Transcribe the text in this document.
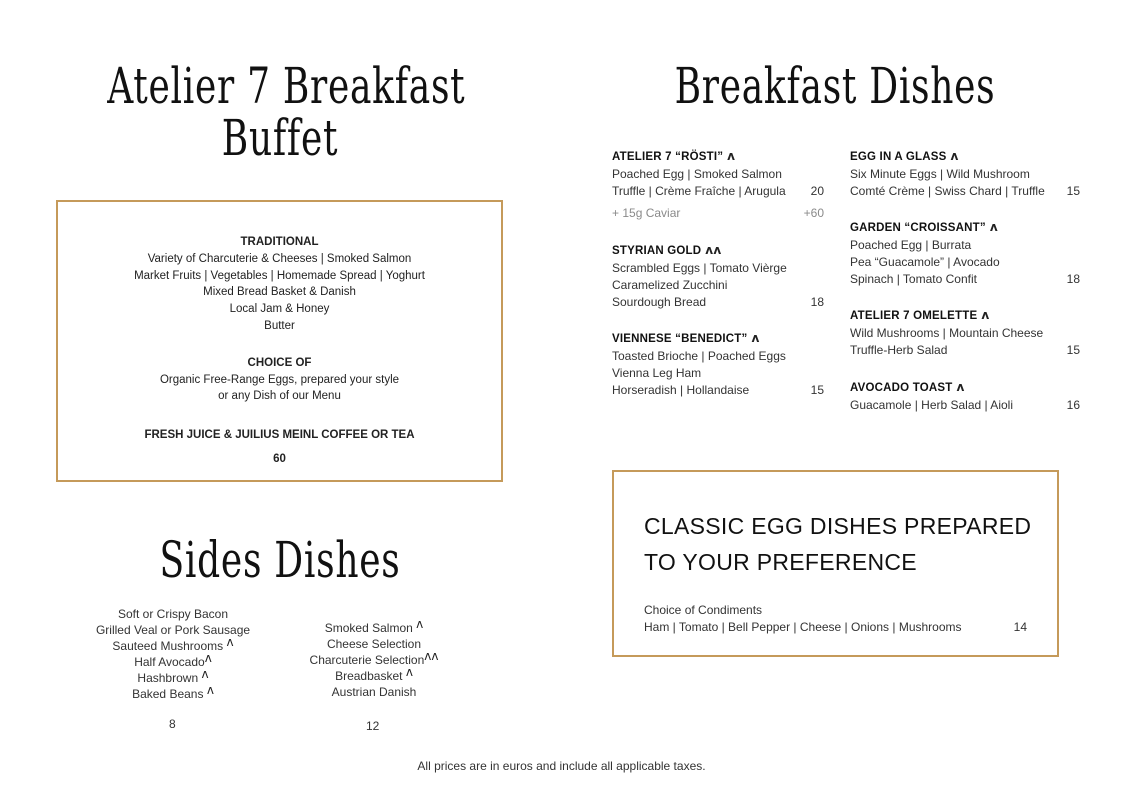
Atelier 7 Breakfast
Buffet
Breakfast Dishes
Sides Dishes
TRADITIONAL
Variety of Charcuterie & Cheeses | Smoked Salmon
Market Fruits | Vegetables | Homemade Spread | Yoghurt
Mixed Bread Basket & Danish
Local Jam & Honey
Butter
CHOICE OF
Organic Free-Range Eggs, prepared your style
or any Dish of our Menu
FRESH JUICE & JUILIUS MEINL COFFEE OR TEA
60
ATELIER 7 “RÖSTI” ᴧ
Poached Egg | Smoked Salmon
Truffle | Crème Fraîche | Arugula	20
+ 15g Caviar	+60
STYRIAN GOLD ᴧᴧ
Scrambled Eggs | Tomato Vièrge
Caramelized Zucchini
Sourdough Bread	18
VIENNESE “BENEDICT” ᴧ
Toasted Brioche | Poached Eggs
Vienna Leg Ham
Horseradish | Hollandaise	15
EGG IN A GLASS ᴧ
Six Minute Eggs | Wild Mushroom
Comté Crème | Swiss Chard | Truffle	15
GARDEN “CROISSANT” ᴧ
Poached Egg | Burrata
Pea “Guacamole” | Avocado
Spinach | Tomato Confit	18
ATELIER 7 OMELETTE ᴧ
Wild Mushrooms | Mountain Cheese
Truffle-Herb Salad	15
AVOCADO TOAST ᴧ
Guacamole | Herb Salad | Aioli	16
CLASSIC EGG DISHES PREPARED
TO YOUR PREFERENCE
Choice of Condiments
Ham | Tomato | Bell Pepper | Cheese | Onions | Mushrooms	14
Soft or Crispy Bacon
Grilled Veal or Pork Sausage
Sauteed Mushrooms ᴧ
Half Avocadoᴧ
Hashbrown ᴧ
Baked Beans ᴧ
8
Smoked Salmon ᴧ
Cheese Selection
Charcuterie Selectionᴧᴧ
Breadbasket ᴧ
Austrian Danish
12
All prices are in euros and include all applicable taxes.
